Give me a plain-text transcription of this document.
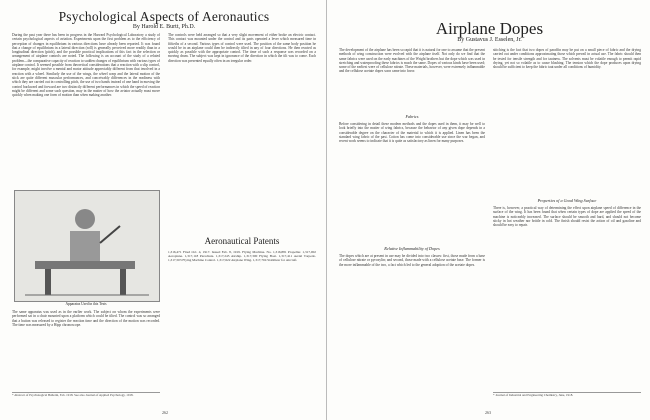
Psychological Aspects of Aeronautics
By Harold E. Burtt, Ph.D.
During the past year there has been in progress in the Harvard Psychological Laboratory a study of certain psychological aspects of aviation. Experiments upon the first problem as to the efficiency of perception of changes in equilibrium in various directions have already been reported. It was found that a change of equilibrium in a lateral direction (roll) is generally perceived more readily than in a longitudinal direction (pitch), and the possible practical implications of this fact in the selection or arrangement of airplane controls are noted. The following is an account of the study of a related problem—the comparative capacity of reaction to sudden changes of equilibrium with various types of airplane control. It seemed possible from theoretical considerations that a reaction with a slip control, for example, might involve a mental and motor attitude appreciably different from that involved in a reaction with a wheel. Similarly the use of the wings, the wheel warp and the lateral motion of the stick are quite different muscular performances, and conceivably differences in the readiness with which they are carried out in controlling pitch, the use of two hands instead of one hand in moving the control backward and forward are two distinctly different performances in which the speed of reaction might be different and some such question, may in the matter of how the aviator actually must move quickly when making one form of motion than when making another.
Apparatus Used in this Tests
The same apparatus was used as in the earlier work. The subject on whom the experiments were performed sat in a chair mounted upon a platform which could be tilted. The control was so arranged that a button was released to register the reaction time and the direction of the motion was recorded. The time was measured by a Hipp chronoscope.
The controls were held arranged so that a very slight movement of either broke an electric contact. This contact was mounted under the control and its parts operated a lever which measured time in fiftieths of a second. Various types of control were used. The position of the same body position he would be in an airplane could then be indirectly tilted in any of four directions. He then reacted as quickly as possible with the appropriate control. The time of such a response was recorded on a moving drum. The subject was kept in ignorance of the direction in which the tilt was to come. Each direction was presented equally often in an irregular order.
Aeronautical Patents
1,316,471 Fired Oct. 4, 1917. Issued Feb. 8, 1919. Flying Machine. No. 1,316,881 Propeller. 1,317,002 Aeroplane. 1,317,118 Parachute. 1,317,245 Airship. 1,317,300 Flying Boat. 1,317,411 Aerial Torpedo. 1,317,503 Flying Machine Control. 1,317,622 Airplane Wing. 1,317,704 Stabilizer for Aircraft.
* Abstract of Psychological Bulletin, Feb. 1918. See also Journal of Applied Psychology, 1918.
262
Airplane Dopes
By Gustavus J. Esselen, Jr.
The development of the airplane has been so rapid that it is natural for one to assume that the present methods of wing construction were evolved with the airplane itself. Not only do we find that the same fabrics were used on the early machines of the Wright brothers but the dope which was used in stretching and waterproofing these fabrics is much the same. Dopes of various kinds have been used; some of the earliest were of cellulose nitrate. These materials, however, were extremely inflammable and the cellulose acetate dopes soon came into favor.
Fabrics
Before considering in detail these modern methods and the dopes used in them, it may be well to look briefly into the matter of wing fabrics, because the behavior of any given dope depends in a considerable degree on the character of the material to which it is applied. Linen has been the standard wing fabric of the past. Cotton has come into considerable use since the war began, and recent work seems to indicate that it is quite as satisfactory as linen for many purposes.
Relative Inflammability of Dopes
The dopes which are at present in use may be divided into two classes: first, those made from a base of cellulose nitrate or pyroxylin; and second, those made with a cellulose acetate base. The former is the more inflammable of the two, a fact which led to the general adoption of the acetate dopes.
stitching is the fact that two dopes of paraffin may be put on a small piece of fabric and the drying carried out under conditions approximating those which prevail in actual use. The fabric should then be tested for tensile strength and for tautness. The solvents must be volatile enough to permit rapid drying, yet not so volatile as to cause blushing. The tension which the dope produces upon drying should be sufficient to keep the fabric taut under all conditions of humidity.
Properties of a Good Wing Surface
There is, however, a practical way of determining the effect upon airplane speed of difference in the surface of the wing. It has been found that when certain types of dope are applied the speed of the machine is noticeably increased. The surface should be smooth and hard, and should not become sticky in hot weather nor brittle in cold. The finish should resist the action of oil and gasoline and should be easy to repair.
* Journal of Industrial and Engineering Chemistry, June, 1918.
263
